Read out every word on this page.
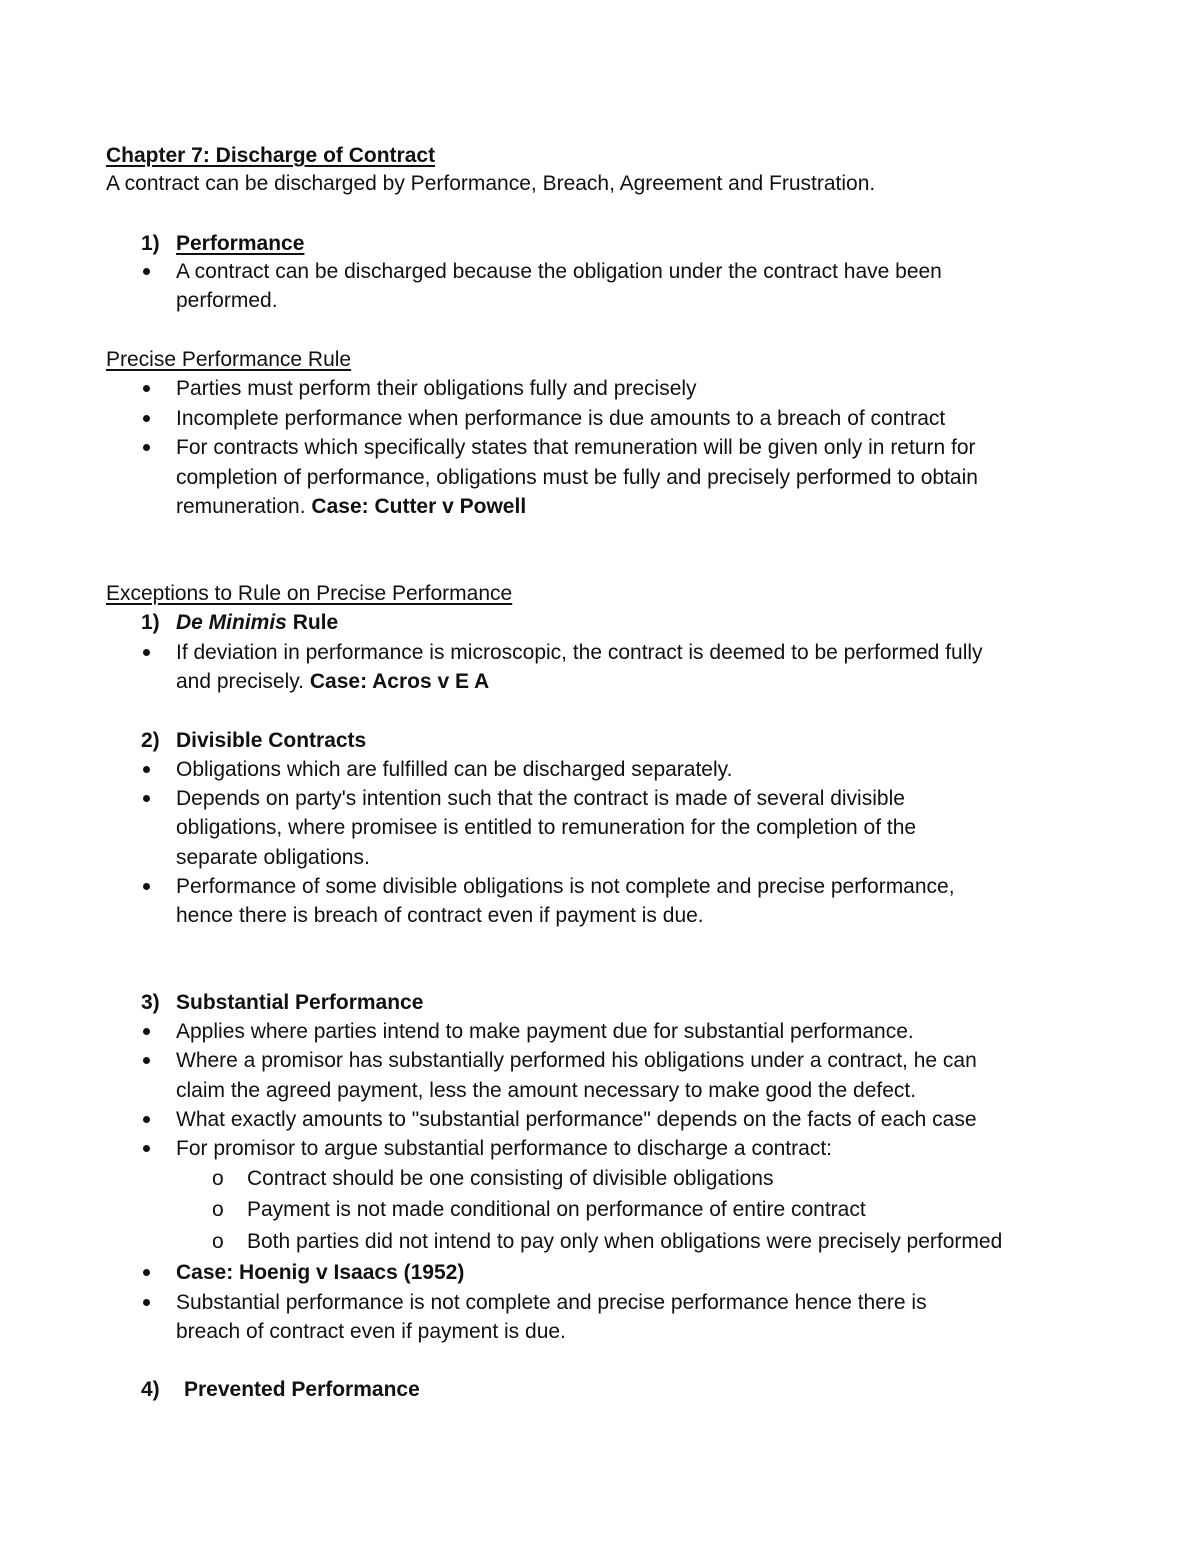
Chapter 7: Discharge of Contract
A contract can be discharged by Performance, Breach, Agreement and Frustration.
1) Performance
A contract can be discharged because the obligation under the contract have been
performed.
Precise Performance Rule
Parties must perform their obligations fully and precisely
Incomplete performance when performance is due amounts to a breach of contract
For contracts which specifically states that remuneration will be given only in return for
completion of performance, obligations must be fully and precisely performed to obtain
remuneration. Case: Cutter v Powell
Exceptions to Rule on Precise Performance
1) De Minimis Rule
If deviation in performance is microscopic, the contract is deemed to be performed fully
and precisely. Case: Acros v E A
2) Divisible Contracts
Obligations which are fulfilled can be discharged separately.
Depends on party's intention such that the contract is made of several divisible
obligations, where promisee is entitled to remuneration for the completion of the
separate obligations.
Performance of some divisible obligations is not complete and precise performance,
hence there is breach of contract even if payment is due.
3) Substantial Performance
Applies where parties intend to make payment due for substantial performance.
Where a promisor has substantially performed his obligations under a contract, he can
claim the agreed payment, less the amount necessary to make good the defect.
What exactly amounts to "substantial performance" depends on the facts of each case
For promisor to argue substantial performance to discharge a contract:
o Contract should be one consisting of divisible obligations
o Payment is not made conditional on performance of entire contract
o Both parties did not intend to pay only when obligations were precisely performed
Case: Hoenig v Isaacs (1952)
Substantial performance is not complete and precise performance hence there is
breach of contract even if payment is due.
4) Prevented Performance
